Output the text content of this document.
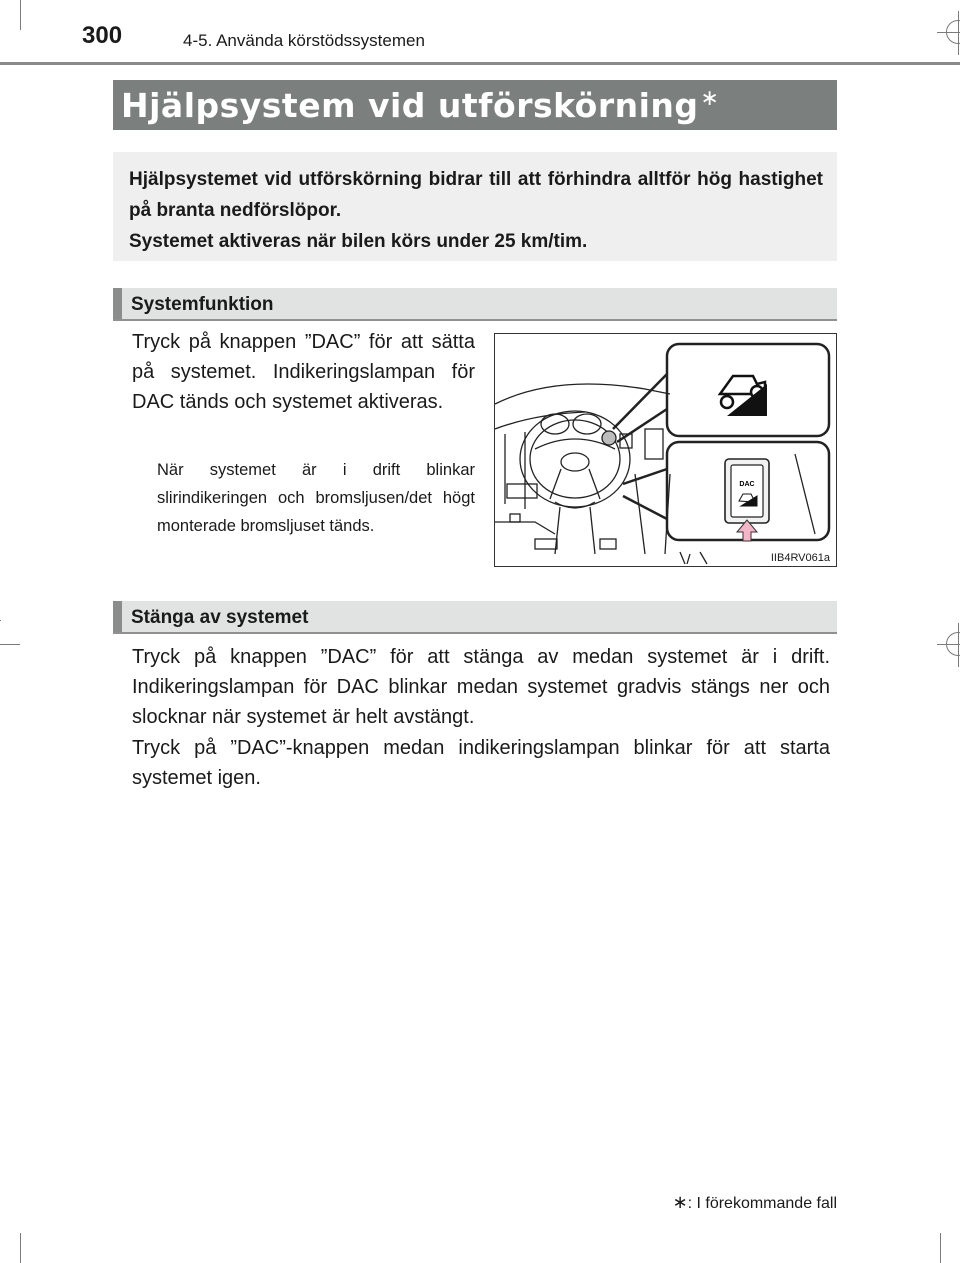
300	4-5. Använda körstödssystemen
Hjälpsystem vid utförskörning∗
Hjälpsystemet vid utförskörning bidrar till att förhindra alltför hög hastighet på branta nedförslöpor.
Systemet aktiveras när bilen körs under 25 km/tim.
Systemfunktion
Tryck på knappen ”DAC” för att sätta på systemet. Indikeringslampan för DAC tänds och systemet aktiveras.
När systemet är i drift blinkar slirindikeringen och bromsljusen/det högt monterade bromsljuset tänds.
DAC
IIB4RV061a
Stänga av systemet
Tryck på knappen ”DAC” för att stänga av medan systemet är i drift. Indikeringslampan för DAC blinkar medan systemet gradvis stängs ner och slocknar när systemet är helt avstängt.
Tryck på ”DAC”-knappen medan indikeringslampan blinkar för att starta systemet igen.
∗: I förekommande fall
